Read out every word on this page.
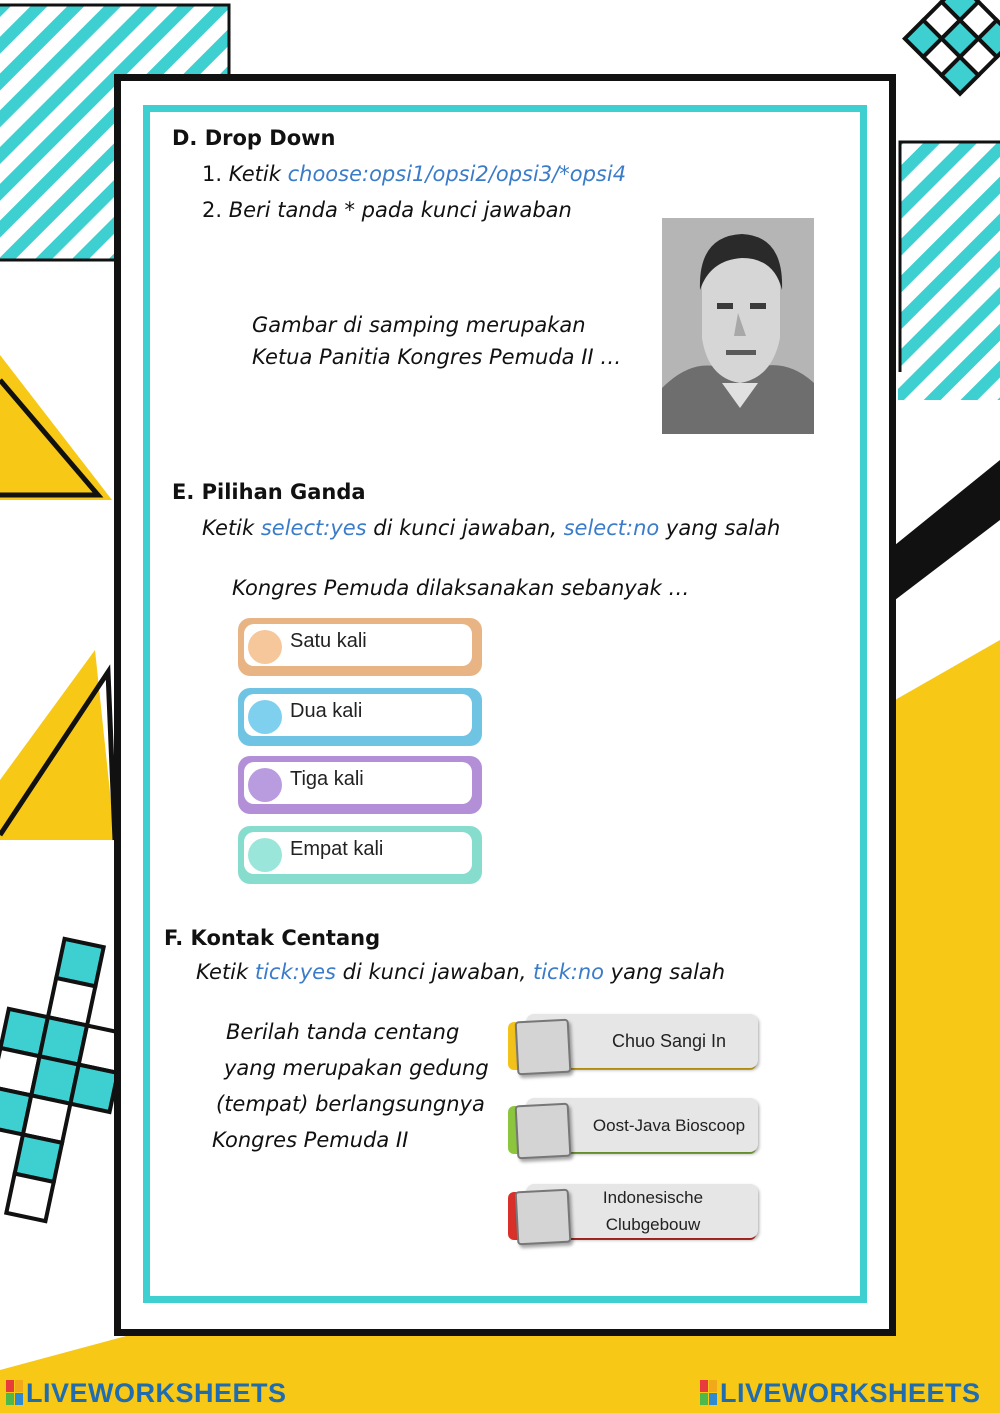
D. Drop Down
1. Ketik choose:opsi1/opsi2/opsi3/*opsi4
2. Beri tanda * pada kunci jawaban
Gambar di samping merupakan
Ketua Panitia Kongres Pemuda II …
E. Pilihan Ganda
Ketik select:yes di kunci jawaban, select:no yang salah
Kongres Pemuda dilaksanakan sebanyak …
Satu kali
Dua kali
Tiga kali
Empat kali
F. Kontak Centang
Ketik tick:yes di kunci jawaban, tick:no yang salah
Berilah tanda centang
yang merupakan gedung
(tempat) berlangsungnya
Kongres Pemuda II
Chuo Sangi In
Oost-Java Bioscoop
Indonesische Clubgebouw
LIVEWORKSHEETS	LIVEWORKSHEETS
